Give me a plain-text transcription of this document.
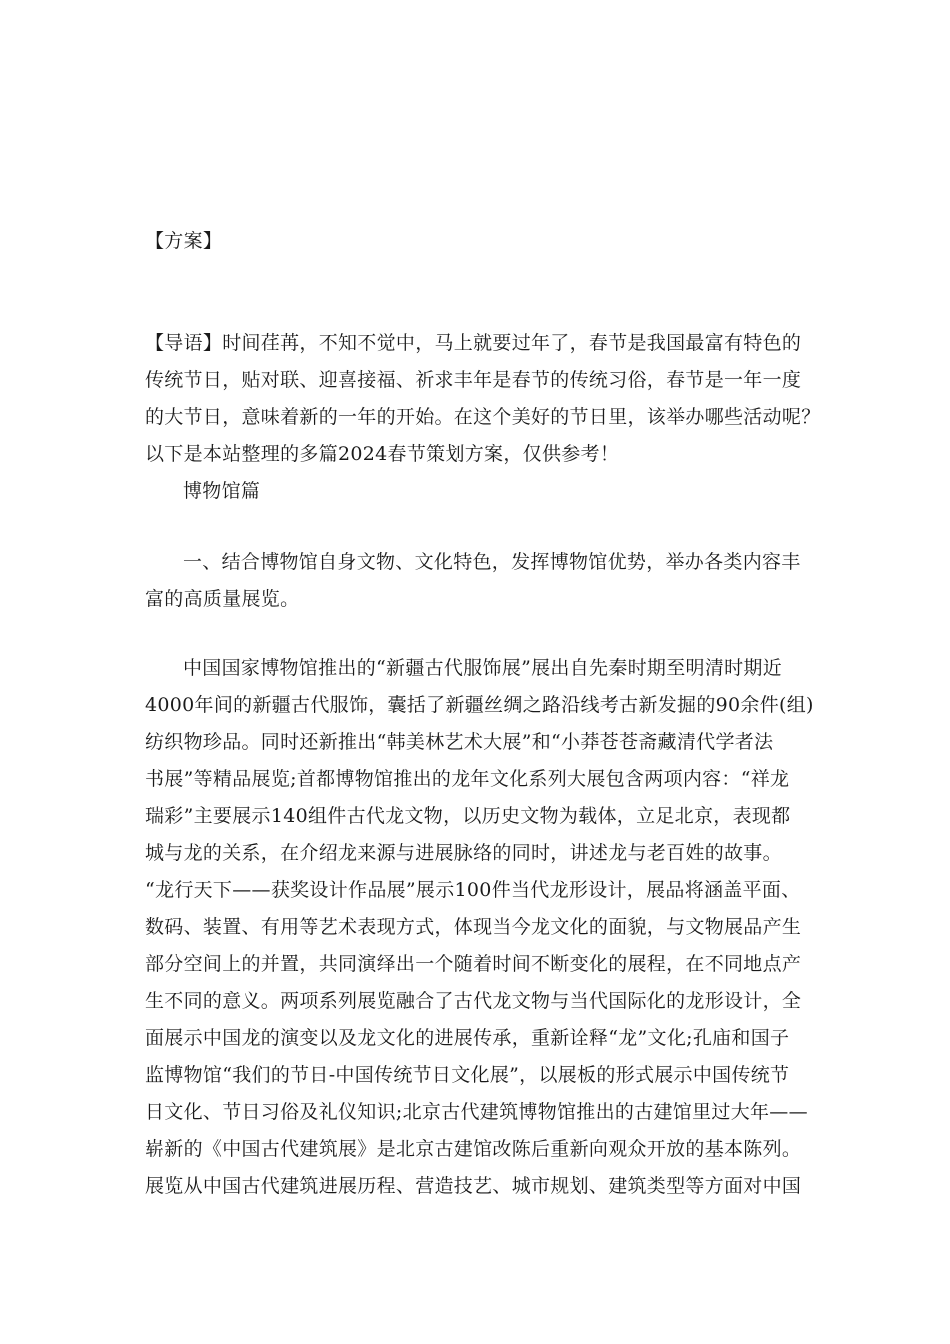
【方案】
【导语】时间荏苒，不知不觉中，马上就要过年了，春节是我国最富有特色的
传统节日，贴对联、迎喜接福、祈求丰年是春节的传统习俗，春节是一年一度
的大节日，意味着新的一年的开始。在这个美好的节日里，该举办哪些活动呢？
以下是本站整理的多篇2024春节策划方案，仅供参考！
博物馆篇
一、结合博物馆自身文物、文化特色，发挥博物馆优势，举办各类内容丰
富的高质量展览。
中国国家博物馆推出的“新疆古代服饰展”展出自先秦时期至明清时期近
4000年间的新疆古代服饰，囊括了新疆丝绸之路沿线考古新发掘的90余件(组)
纺织物珍品。同时还新推出“韩美林艺术大展”和“小莽苍苍斋藏清代学者法
书展”等精品展览;首都博物馆推出的龙年文化系列大展包含两项内容：“祥龙
瑞彩”主要展示140组件古代龙文物，以历史文物为载体，立足北京，表现都
城与龙的关系，在介绍龙来源与进展脉络的同时，讲述龙与老百姓的故事。
“龙行天下——获奖设计作品展”展示100件当代龙形设计，展品将涵盖平面、
数码、装置、有用等艺术表现方式，体现当今龙文化的面貌，与文物展品产生
部分空间上的并置，共同演绎出一个随着时间不断变化的展程，在不同地点产
生不同的意义。两项系列展览融合了古代龙文物与当代国际化的龙形设计，全
面展示中国龙的演变以及龙文化的进展传承，重新诠释“龙”文化;孔庙和国子
监博物馆“我们的节日-中国传统节日文化展”，以展板的形式展示中国传统节
日文化、节日习俗及礼仪知识;北京古代建筑博物馆推出的古建馆里过大年——
崭新的《中国古代建筑展》是北京古建馆改陈后重新向观众开放的基本陈列。
展览从中国古代建筑进展历程、营造技艺、城市规划、建筑类型等方面对中国
